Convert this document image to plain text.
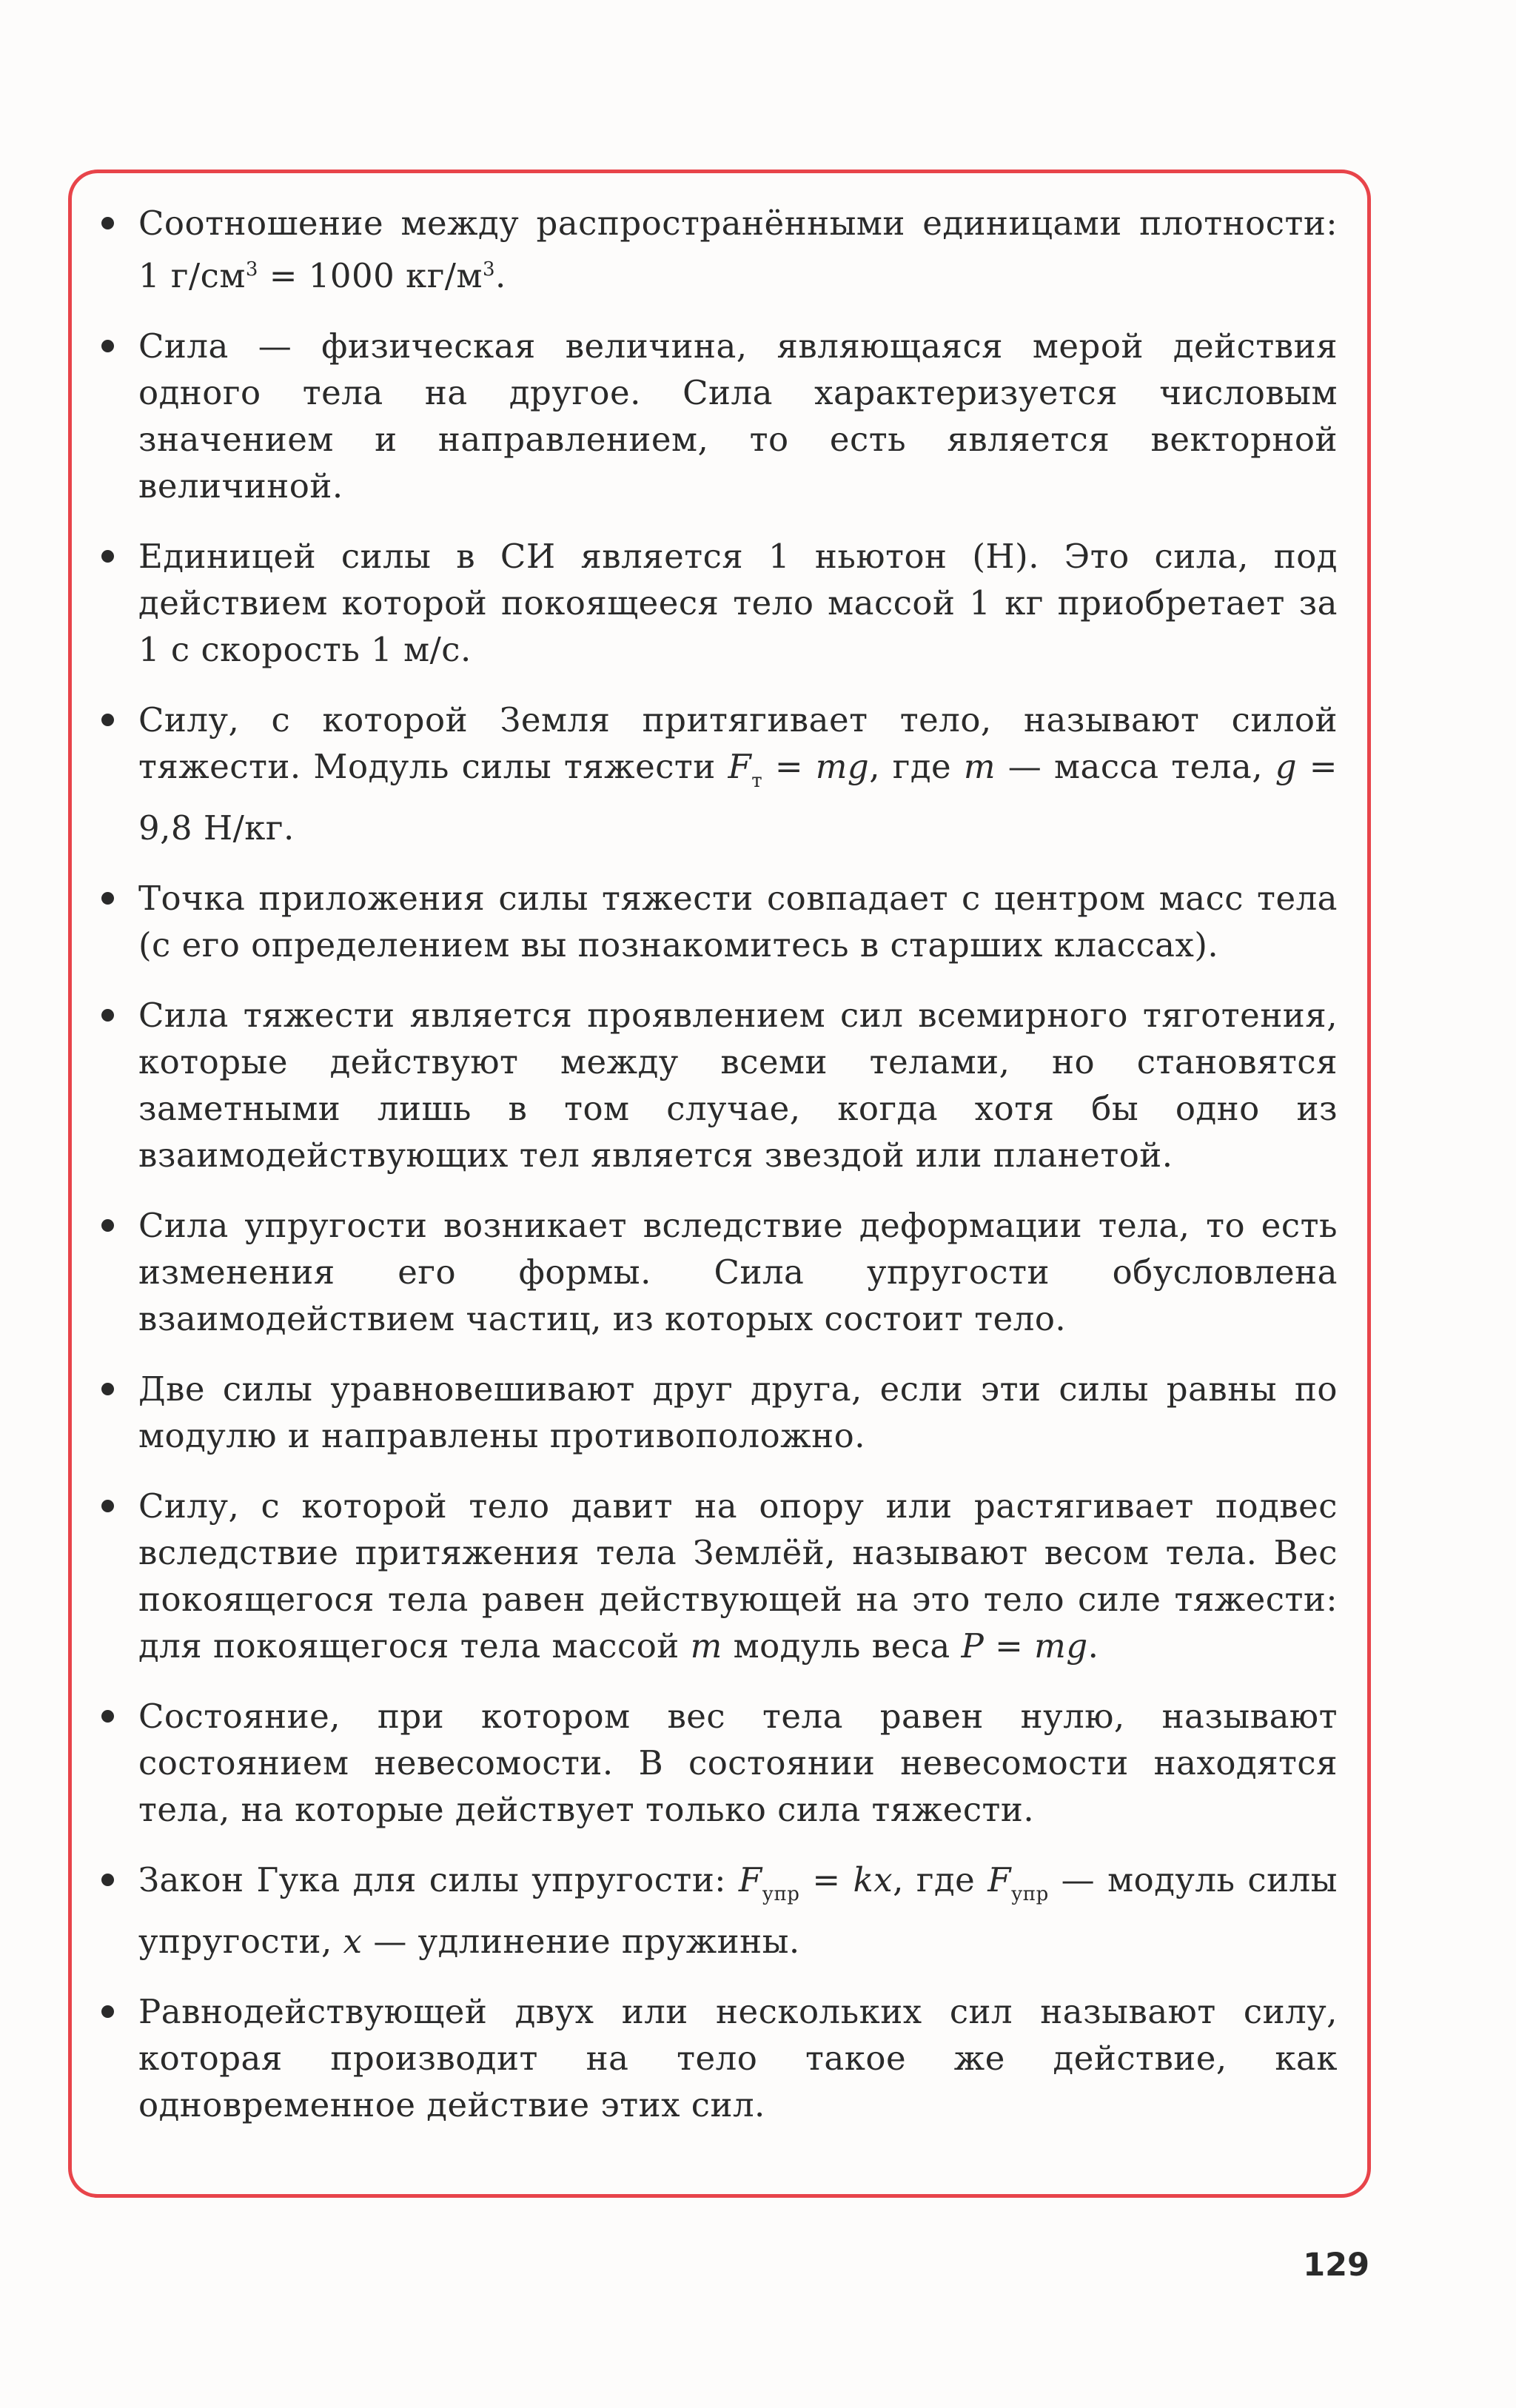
Соотношение между распространёнными единицами плотности: 1 $г/см^3 = 1000$ $кг/м^3$.
Сила — физическая величина, являющаяся мерой действия одного тела на другое. Сила характеризуется числовым значением и направлением, то есть является векторной величиной.
Единицей силы в СИ является 1 ньютон (Н). Это сила, под действием которой покоящееся тело массой 1 кг приобретает за 1 с скорость 1 м/с.
Силу, с которой Земля притягивает тело, называют силой тяжести. Модуль силы тяжести $F_т$ = mg, где m — масса тела, g = 9,8 Н/кг.
Точка приложения силы тяжести совпадает с центром масс тела (с его определением вы познакомитесь в старших классах).
Сила тяжести является проявлением сил всемирного тяготения, которые действуют между всеми телами, но становятся заметными лишь в том случае, когда хотя бы одно из взаимодействующих тел является звездой или планетой.
Сила упругости возникает вследствие деформации тела, то есть изменения его формы. Сила упругости обусловлена взаимодействием частиц, из которых состоит тело.
Две силы уравновешивают друг друга, если эти силы равны по модулю и направлены противоположно.
Силу, с которой тело давит на опору или растягивает подвес вследствие притяжения тела Землёй, называют весом тела. Вес покоящегося тела равен действующей на это тело силе тяжести: для покоящегося тела массой m модуль веса P = mg.
Состояние, при котором вес тела равен нулю, называют состоянием невесомости. В состоянии невесомости находятся тела, на которые действует только сила тяжести.
Закон Гука для силы упругости: $F_{упр}$ = kx, где $F_{упр}$ — модуль силы упругости, x — удлинение пружины.
Равнодействующей двух или нескольких сил называют силу, которая производит на тело такое же действие, как одновременное действие этих сил.
129
